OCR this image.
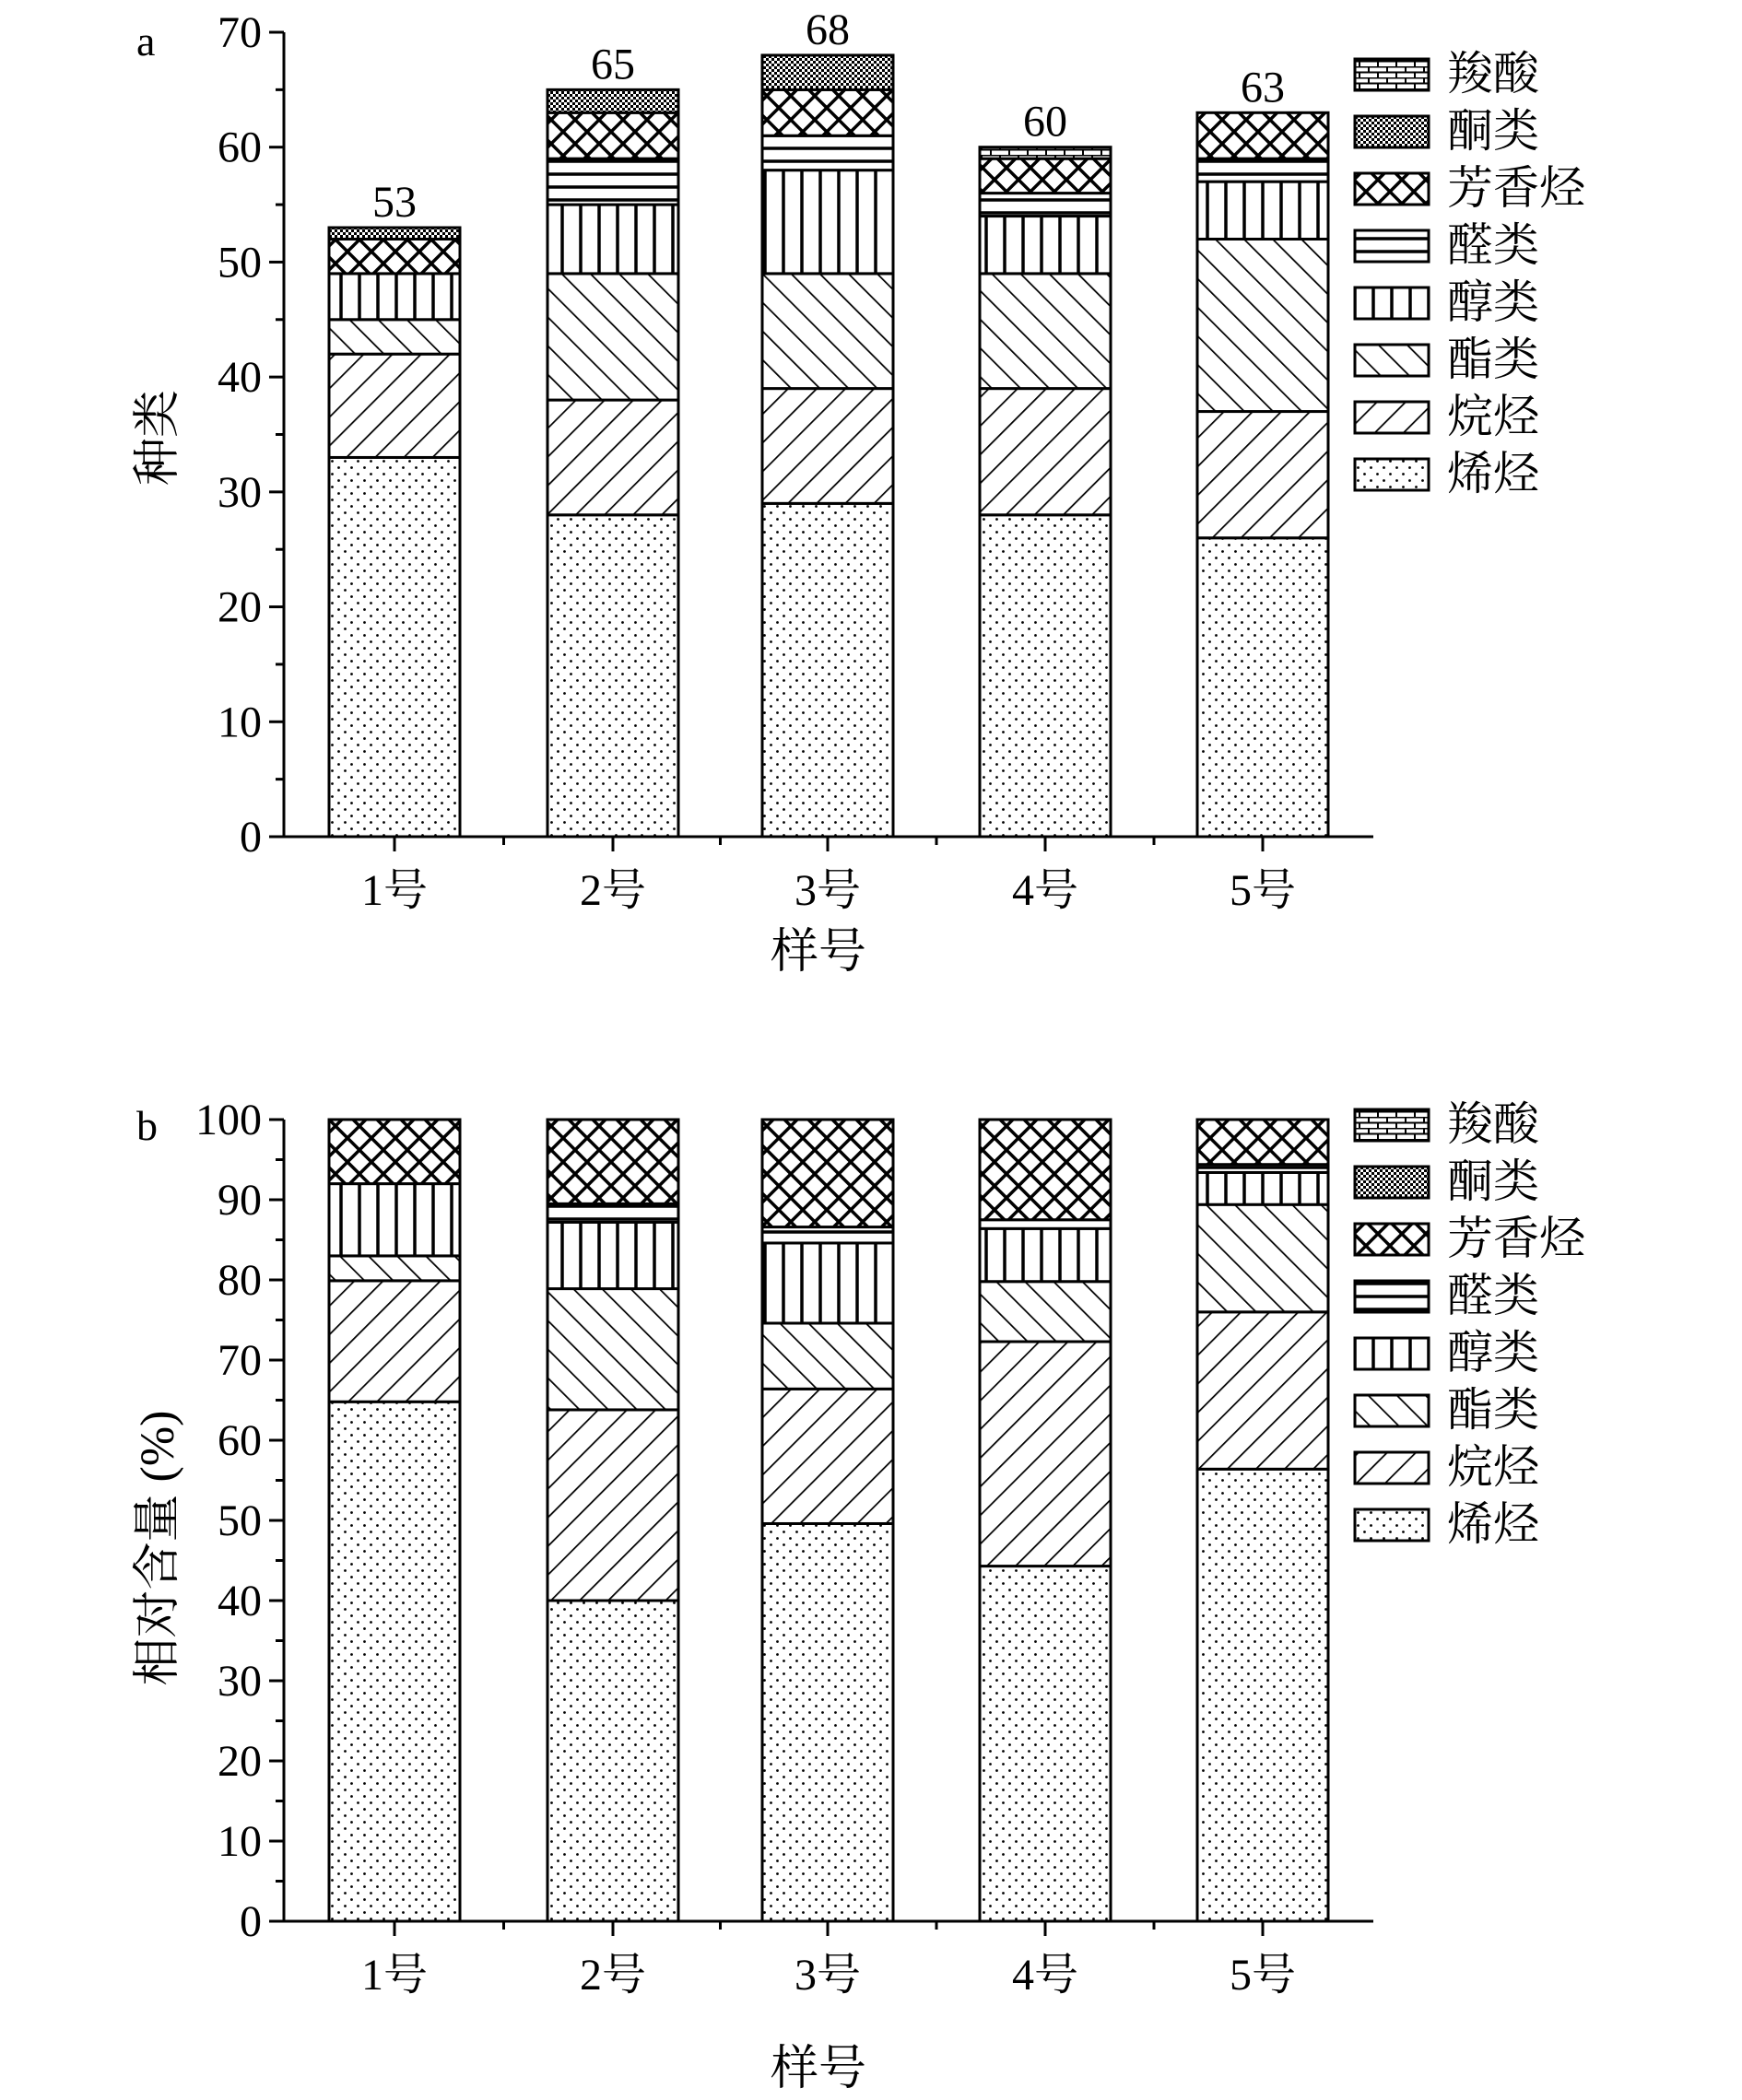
a
0
10
20
30
40
50
60
70
1号	2号	3号	4号	5号
53
65
68
60
63
种类
样号
羧酸
酮类
芳香烃
醛类
醇类
酯类
烷烃
烯烃
b
0
10
20
30
40
50
60
70
80
90
100
1号	2号	3号	4号	5号
相对含量 (%)
样号
羧酸
酮类
芳香烃
醛类
醇类
酯类
烷烃
烯烃
